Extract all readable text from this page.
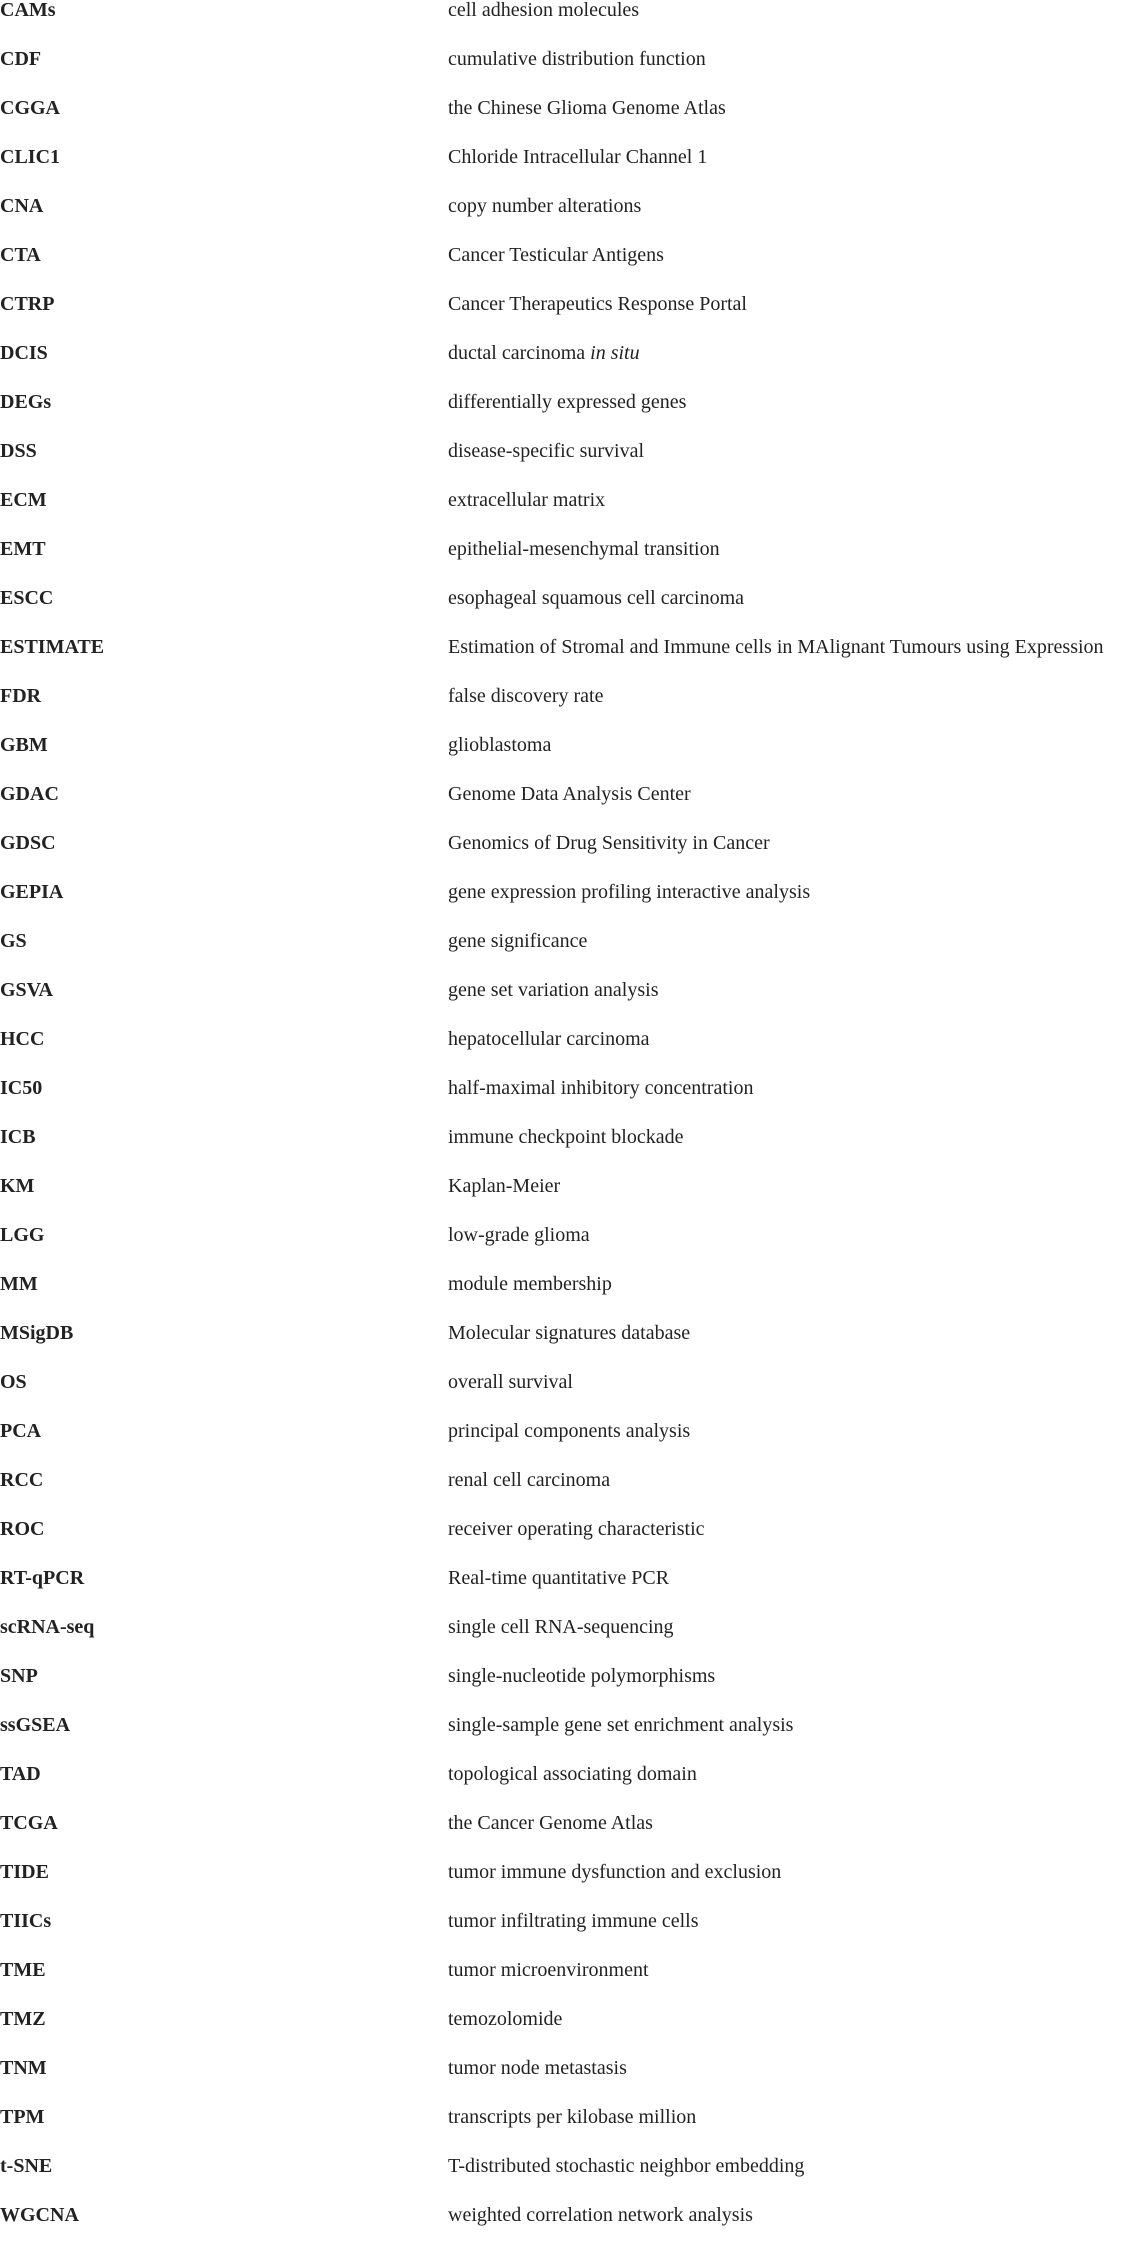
CAMs	cell adhesion molecules
CDF	cumulative distribution function
CGGA	the Chinese Glioma Genome Atlas
CLIC1	Chloride Intracellular Channel 1
CNA	copy number alterations
CTA	Cancer Testicular Antigens
CTRP	Cancer Therapeutics Response Portal
DCIS	ductal carcinoma in situ
DEGs	differentially expressed genes
DSS	disease-specific survival
ECM	extracellular matrix
EMT	epithelial-mesenchymal transition
ESCC	esophageal squamous cell carcinoma
ESTIMATE	Estimation of Stromal and Immune cells in MAlignant Tumours using Expression
FDR	false discovery rate
GBM	glioblastoma
GDAC	Genome Data Analysis Center
GDSC	Genomics of Drug Sensitivity in Cancer
GEPIA	gene expression profiling interactive analysis
GS	gene significance
GSVA	gene set variation analysis
HCC	hepatocellular carcinoma
IC50	half-maximal inhibitory concentration
ICB	immune checkpoint blockade
KM	Kaplan-Meier
LGG	low-grade glioma
MM	module membership
MSigDB	Molecular signatures database
OS	overall survival
PCA	principal components analysis
RCC	renal cell carcinoma
ROC	receiver operating characteristic
RT-qPCR	Real-time quantitative PCR
scRNA-seq	single cell RNA-sequencing
SNP	single-nucleotide polymorphisms
ssGSEA	single-sample gene set enrichment analysis
TAD	topological associating domain
TCGA	the Cancer Genome Atlas
TIDE	tumor immune dysfunction and exclusion
TIICs	tumor infiltrating immune cells
TME	tumor microenvironment
TMZ	temozolomide
TNM	tumor node metastasis
TPM	transcripts per kilobase million
t-SNE	T-distributed stochastic neighbor embedding
WGCNA	weighted correlation network analysis
